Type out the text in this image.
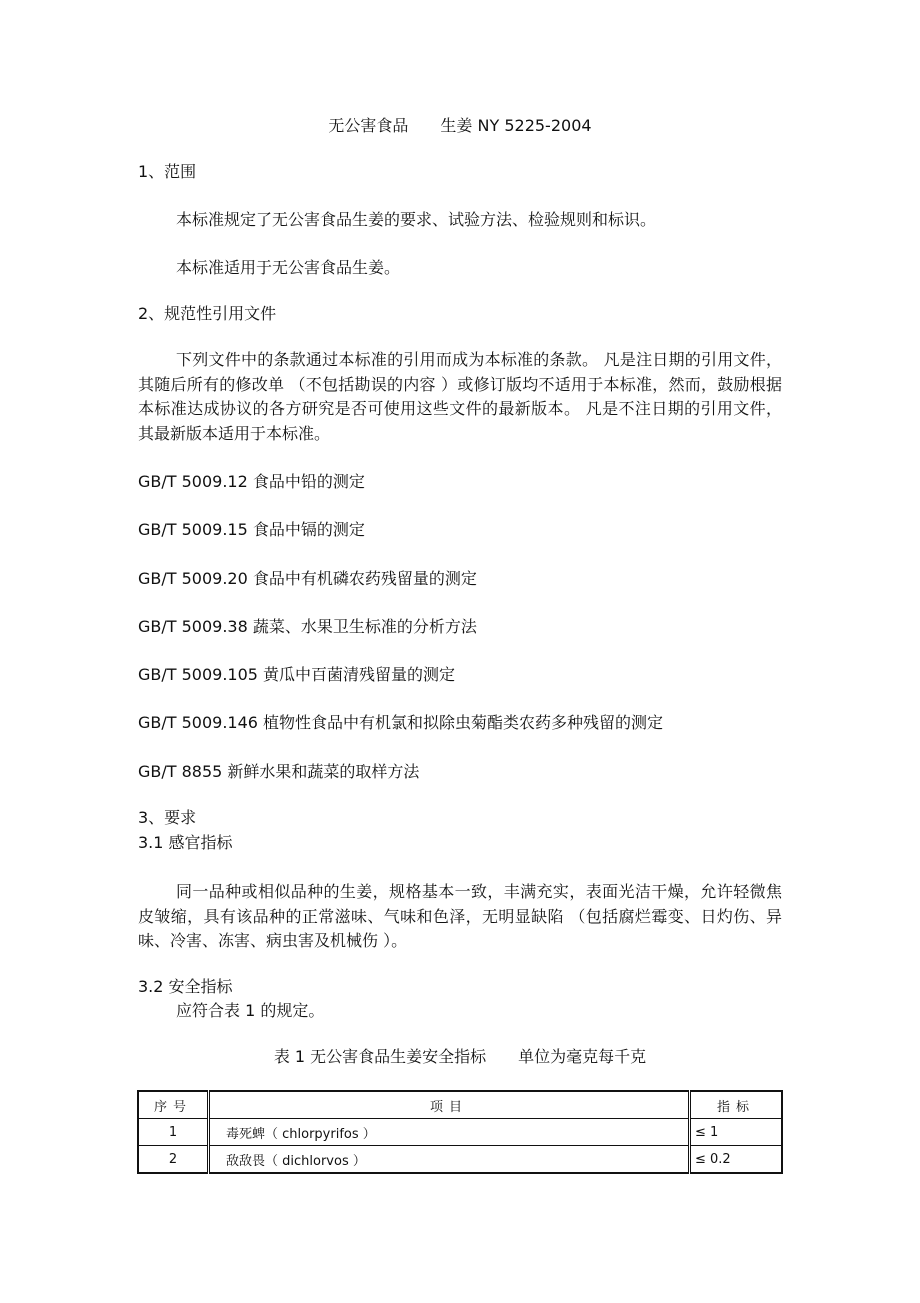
无公害食品　　生姜 NY 5225-2004
1、范围
本标准规定了无公害食品生姜的要求、试验方法、检验规则和标识。
本标准适用于无公害食品生姜。
2、规范性引用文件

下列文件中的条款通过本标准的引用而成为本标准的条款。 凡是注日期的引用文件，其随后所有的修改单 （不包括勘误的内容 ）或修订版均不适用于本标准，然而，鼓励根据本标准达成协议的各方研究是否可使用这些文件的最新版本。 凡是不注日期的引用文件，其最新版本适用于本标准。

GB/T 5009.12 食品中铅的测定
GB/T 5009.15 食品中镉的测定
GB/T 5009.20 食品中有机磷农药残留量的测定
GB/T 5009.38 蔬菜、水果卫生标准的分析方法
GB/T 5009.105 黄瓜中百菌清残留量的测定
GB/T 5009.146 植物性食品中有机氯和拟除虫菊酯类农药多种残留的测定
GB/T 8855 新鲜水果和蔬菜的取样方法
3、要求
3.1 感官指标

同一品种或相似品种的生姜，规格基本一致，丰满充实，表面光洁干燥，允许轻微焦皮皱缩，具有该品种的正常滋味、气味和色泽，无明显缺陷 （包括腐烂霉变、日灼伤、异味、冷害、冻害、病虫害及机械伤 ）。

3.2 安全指标
应符合表 1 的规定。
表 1 无公害食品生姜安全指标　　单位为毫克每千克
序号	项目	指标
1	毒死蜱（ chlorpyrifos ）	≤ 1
2	敌敌畏（ dichlorvos ）	≤ 0.2
